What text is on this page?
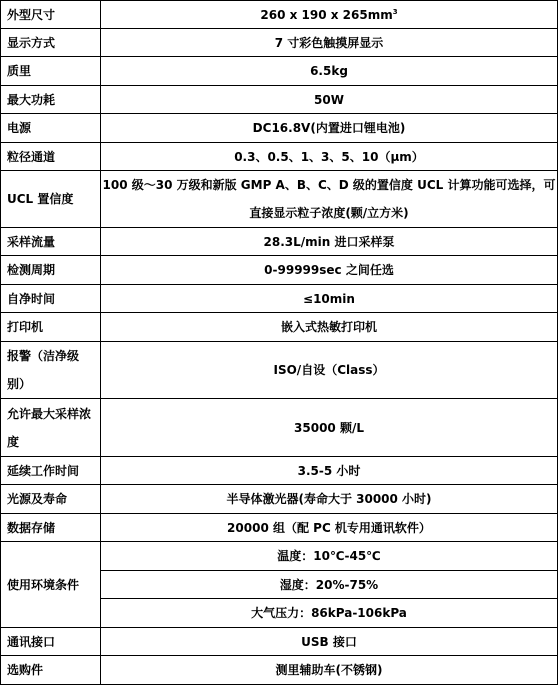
外型尺寸	260 x 190 x $265mm^3$
显示方式	7 寸彩色触摸屏显示
质里	6.5kg
最大功耗	50W
电源	DC16.8V(内置进口锂电池)
粒径通道	0.3、0.5、1、3、5、10（μm）
UCL 置信度	100 级～30 万级和新版 GMP A、B、C、D 级的置信度 UCL 计算功能可选择，可直接显示粒子浓度(颗/立方米)
采样流量	28.3L/min 进口采样泵
检测周期	0-99999sec 之间任选
自净时间	≤10min
打印机	嵌入式热敏打印机
报警（洁净级别）	ISO/自设（Class）
允许最大采样浓度	35000 颗/L
延续工作时间	3.5-5 小时
光源及寿命	半导体激光器(寿命大于 30000 小时)
数据存储	20000 组（配 PC 机专用通讯软件）
使用环境条件	温度：10℃-45℃
	湿度：20%-75%
	大气压力：86kPa-106kPa
通讯接口	USB 接口
选购件	测里辅助车(不锈钢)
